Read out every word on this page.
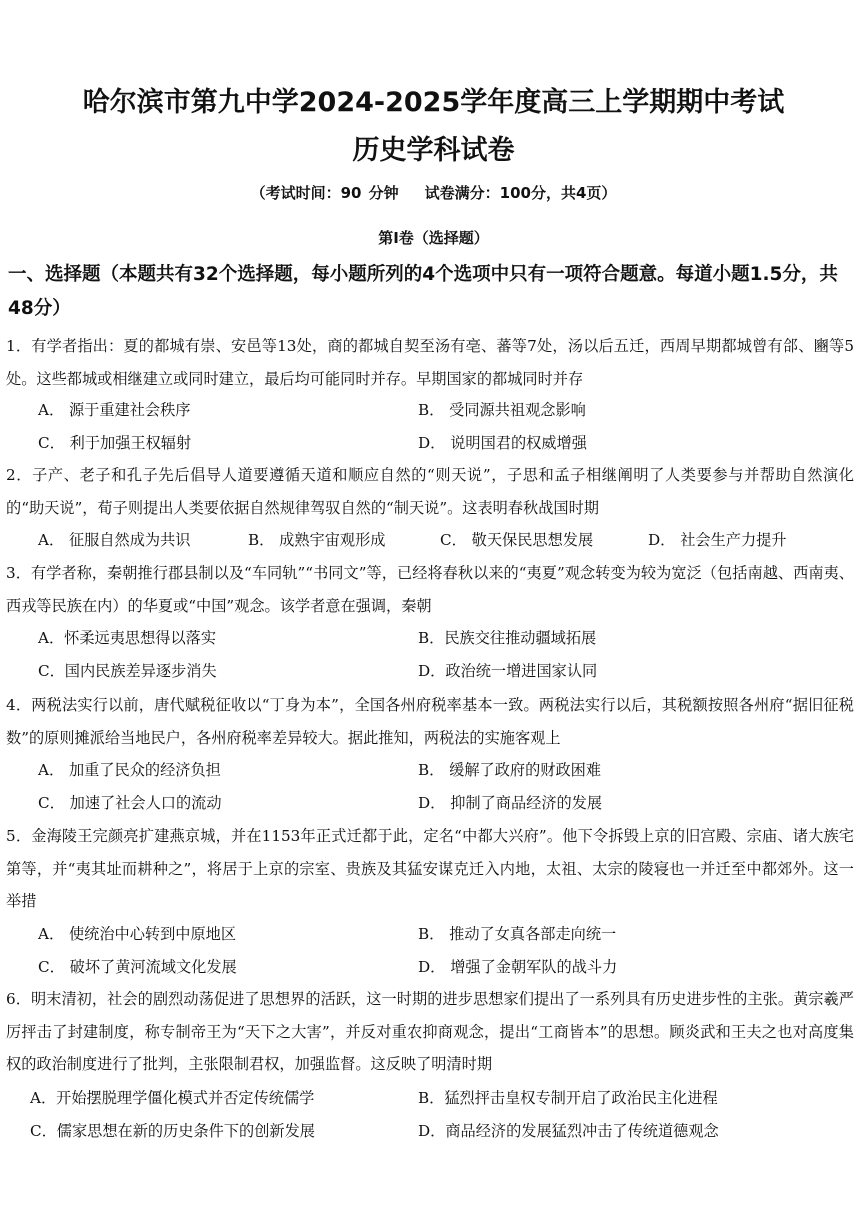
哈尔滨市第九中学2024-2025学年度高三上学期期中考试
历史学科试卷
（考试时间：90 分钟 试卷满分：100分，共4页）
第Ⅰ卷（选择题）
一、选择题（本题共有32个选择题，每小题所列的4个选项中只有一项符合题意。每道小题1.5分，共48分）
1．有学者指出：夏的都城有崇、安邑等13处，商的都城自契至汤有亳、蕃等7处，汤以后五迁，西周早期都城曾有郃、豳等5处。这些都城或相继建立或同时建立，最后均可能同时并存。早期国家的都城同时并存
A． 源于重建社会秩序	B． 受同源共祖观念影响
C． 利于加强王权辐射	D． 说明国君的权威增强
2．子产、老子和孔子先后倡导人道要遵循天道和顺应自然的“则天说”，子思和孟子相继阐明了人类要参与并帮助自然演化的“助天说”，荀子则提出人类要依据自然规律驾驭自然的“制天说”。这表明春秋战国时期
A． 征服自然成为共识	B． 成熟宇宙观形成	C． 敬天保民思想发展	D． 社会生产力提升
3．有学者称，秦朝推行郡县制以及“车同轨”“书同文”等，已经将春秋以来的“夷夏”观念转变为较为宽泛（包括南越、西南夷、西戎等民族在内）的华夏或“中国”观念。该学者意在强调，秦朝
A．怀柔远夷思想得以落实	B．民族交往推动疆域拓展
C．国内民族差异逐步消失	D．政治统一增进国家认同
4．两税法实行以前，唐代赋税征收以“丁身为本”，全国各州府税率基本一致。两税法实行以后，其税额按照各州府“据旧征税数”的原则摊派给当地民户，各州府税率差异较大。据此推知，两税法的实施客观上
A． 加重了民众的经济负担	B． 缓解了政府的财政困难
C． 加速了社会人口的流动	D． 抑制了商品经济的发展
5．金海陵王完颜亮扩建燕京城，并在1153年正式迁都于此，定名“中都大兴府”。他下令拆毁上京的旧宫殿、宗庙、诸大族宅第等，并“夷其址而耕种之”，将居于上京的宗室、贵族及其猛安谋克迁入内地，太祖、太宗的陵寝也一并迁至中都郊外。这一举措
A． 使统治中心转到中原地区	B． 推动了女真各部走向统一
C． 破坏了黄河流域文化发展	D． 增强了金朝军队的战斗力
6．明末清初，社会的剧烈动荡促进了思想界的活跃，这一时期的进步思想家们提出了一系列具有历史进步性的主张。黄宗羲严厉抨击了封建制度，称专制帝王为“天下之大害”，并反对重农抑商观念，提出“工商皆本”的思想。顾炎武和王夫之也对高度集权的政治制度进行了批判，主张限制君权，加强监督。这反映了明清时期
A．开始摆脱理学僵化模式并否定传统儒学	B．猛烈抨击皇权专制开启了政治民主化进程
C．儒家思想在新的历史条件下的创新发展	D．商品经济的发展猛烈冲击了传统道德观念
